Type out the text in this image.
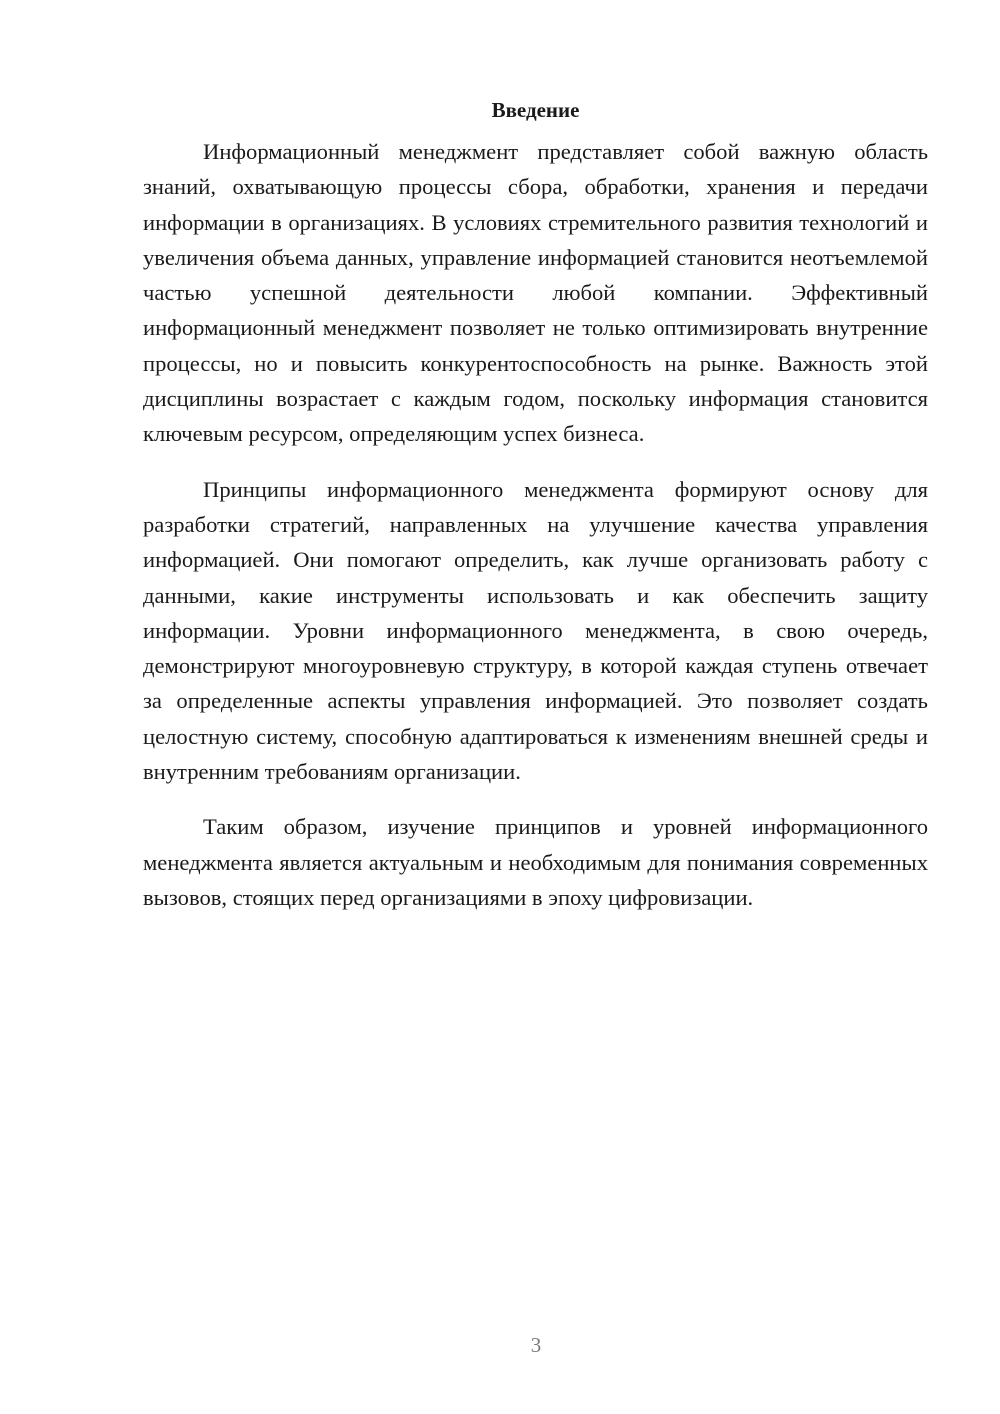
Введение

Информационный менеджмент представляет собой важную область знаний, охватывающую процессы сбора, обработки, хранения и передачи информации в организациях. В условиях стремительного развития технологий и увеличения объема данных, управление информацией становится неотъемлемой частью успешной деятельности любой компании. Эффективный информационный менеджмент позволяет не только оптимизировать внутренние процессы, но и повысить конкурентоспособность на рынке. Важность этой дисциплины возрастает с каждым годом, поскольку информация становится ключевым ресурсом, определяющим успех бизнеса.

Принципы информационного менеджмента формируют основу для разработки стратегий, направленных на улучшение качества управления информацией. Они помогают определить, как лучше организовать работу с данными, какие инструменты использовать и как обеспечить защиту информации. Уровни информационного менеджмента, в свою очередь, демонстрируют многоуровневую структуру, в которой каждая ступень отвечает за определенные аспекты управления информацией. Это позволяет создать целостную систему, способную адаптироваться к изменениям внешней среды и внутренним требованиям организации.

Таким образом, изучение принципов и уровней информационного менеджмента является актуальным и необходимым для понимания современных вызовов, стоящих перед организациями в эпоху цифровизации.

3
